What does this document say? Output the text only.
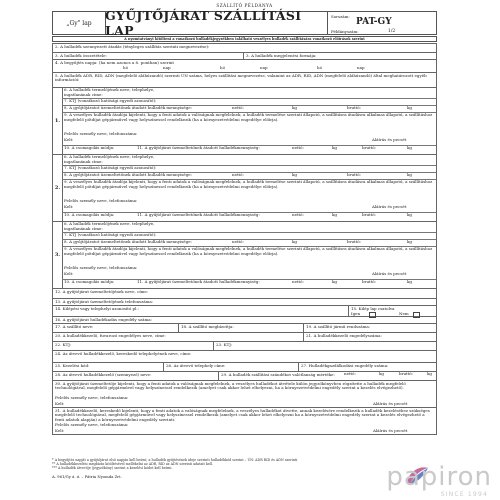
SZÁLLÍTÓ PÉLDÁNYA
„Gy" lap	GYŰJTŐJÁRAT SZÁLLÍTÁSI LAP
Sorszám:
PAT-GY
Példányszám:	1/2
A nyomtatványt kitölteni a vonatkozó hulladékjegyzékben található veszélyes hulladék szállítására vonatkozó előírások szerint
2. A hulladék szennyezett átadás (tényleges szállítás szerinti megnevezése):
3. A hulladék összetétele:	3. A hulladék megjelenési formája:
4. A begyűjtés napja: (ha nem azonos a 8. pontban) szerint
hó	nap	hó	nap	hó	nap
5. A hulladék ADR, RID, ADN (megfelelő aláhúzandó) szerinti UN száma, helyes szállítási megnevezése, valamint az ADR, RID, ADN (megfelelő aláhúzandó) által meghatározott egyéb információi:
1.
6. A hulladék termelőjének neve, telephelye,
ingatlanának címe:
7. KTJ (vonatkozó hatósági egyedi azonosító):
8. A gyűjtőjáratot üzemeltetőnek átadott hulladék mennyisége:	nettó:	kg	bruttó:	kg
9. A veszélyes hulladék átadója kijelenti, hogy a fenti adatok a valóságnak megfelelnek, a hulladék termelése szerinti állapotú, a szállításra átadásra alkalmas állapotú, a szállításhoz megfelelő pótdíjat gépjárművel vagy helyszínessel rendelkezik (ha a környezetvédelmi engedélye előírja).
Felelős személy neve, telefonszáma:
Kelt:	Aláírás és pecsét
10. A csomagolás módja:	11. A gyűjtőjárat üzemeltetőnek átadott hulladékmennyiség:	nettó:	kg	bruttó:	kg
2.
6. A hulladék termelőjének neve, telephelye,
ingatlanának címe:
7. KTJ (vonatkozó hatósági egyedi azonosító):
8. A gyűjtőjáratot üzemeltetőnek átadott hulladék mennyisége:	nettó:	kg	bruttó:	kg
9. A veszélyes hulladék átadója kijelenti, hogy a fenti adatok a valóságnak megfelelnek, a hulladék termelése szerinti állapotú, a szállításra átadásra alkalmas állapotú, a szállításhoz megfelelő pótdíjat gépjárművel vagy helyszínessel rendelkezik (ha a környezetvédelmi engedélye előírja).
Felelős személy neve, telefonszáma:
Kelt:	Aláírás és pecsét
10. A csomagolás módja:	11. A gyűjtőjárat üzemeltetőnek átadott hulladékmennyiség:	nettó:	kg	bruttó:	kg
3.
6. A hulladék termelőjének neve, telephelye,
ingatlanának címe:
7. KTJ (vonatkozó hatósági egyedi azonosító):
8. A gyűjtőjáratot üzemeltetőnek átadott hulladék mennyisége:	nettó:	kg	bruttó:	kg
9. A veszélyes hulladék átadója kijelenti, hogy a fenti adatok a valóságnak megfelelnek, a hulladék termelése szerinti állapotú, a szállításra átadásra alkalmas állapotú, a szállításhoz megfelelő pótdíjat gépjárművel vagy helyszínessel rendelkezik (ha a környezetvédelmi engedélye előírja).
Felelős személy neve, telefonszáma:
Kelt:	Aláírás és pecsét
10. A csomagolás módja:	11. A gyűjtőjárat üzemeltetőnek átadott hulladékmennyiség:	nettó:	kg	bruttó:	kg
12. A gyűjtőjárat üzemeltetőjének neve, címe:
13. A gyűjtőjárat üzemeltetőjének telefonszáma:
14. Kilépési vagy telephelyi azonosító pl.:	15. Kilép lap csatolva
Igen	Nem
16. A gyűjtőjárat hulladékadás engedély száma:
17. A szállító neve:	18. A szállító megbízottja:	19. A szállító jármű rendszáma:
20. A hulladékkezelő, fuvarozó engedélyes neve, címe:	21. A hulladékkezelő engedélyszáma:
22. KTJ:	23. KTJ:
24. Az átvevő hulladékkezelő, kereskedő telephelyének neve, címe:
25. Kezelési kód:	26. Az átvevő telephely címe:	27. Hulladékgazdálkodási engedély száma:
28. Az átvevő hulladékkezelő (szennyező) neve:	29. A hulladék szállítási szándékot valótlanság mértéke: nettó:	kg	bruttó:	kg
30. A gyűjtőjárat üzemeltetője kijelenti, hogy a fenti adatok a valóságnak megfelelnek, a veszélyes hulladékot átvétele külön jegyzőkönyvben rögzítette a hulladék megfelelő technológiával, megfelelő gépjárművel vagy helyszínessel rendelkezik (amelyet csak akkor lehet elhelyezni, ha a környezetvédelmi engedély szerint a kezelés elvégezhető).
Felelős személy neve, telefonszáma:
Kelt:	Aláírás és pecsét
31. A hulladékkezelő, kereskedő kijelenti, hogy a fenti adatok a valóságnak megfelelnek, a veszélyes hulladékot átvette, annak kezelésére rendelkezik a hulladék kezeléséhez szükséges megfelelő technológiával, megfelelő gépjárművel vagy helyszínessel rendelkezik (amelyet csak akkor lehet elhelyezni ha a környezetvédelmi engedély szerint a kezelés elvégezhető a fenti adatok alapján) a környezetvédelmi engedély szerinti.
Felelős személy neve, telefonszáma:
Kelt:	Aláírás és pecsét
* A begyűjtés napját a gyűjtőjárat első napján kell beírni; a hulladék gyűjtésének ideje szerinti hulladékkód szerint – ÚN: ADR RID és ADN szerinti
** A hulladékkezelési megbízás kitöltésével mellékelni az ADR, RID az ADN szerinti adatait kell.
*** A hulladék átvevője (jegyzőköny) szerint a kezelési kódot kell beírni.
A. 961/Gy á. ú. – Pátria Nyomda Zrt.	papiron
SINCE 1994
